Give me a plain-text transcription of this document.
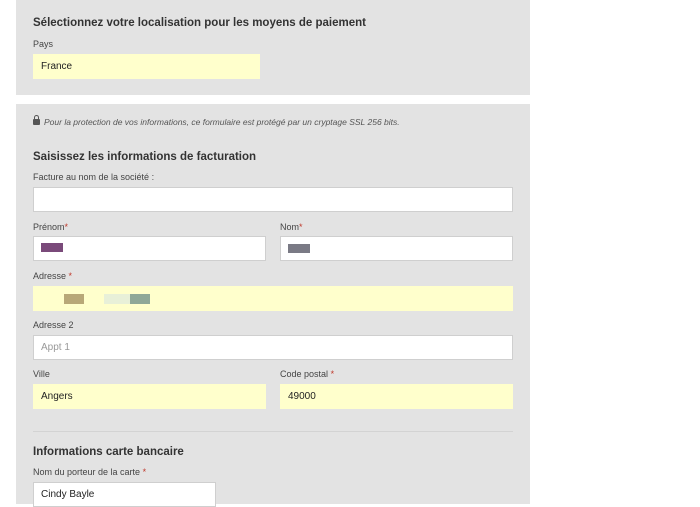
Sélectionnez votre localisation pour les moyens de paiement
Pays
France
Pour la protection de vos informations, ce formulaire est protégé par un cryptage SSL 256 bits.
Saisissez les informations de facturation
Facture au nom de la société :
Prénom*	Nom*
Adresse *
Adresse 2
Appt 1
Ville
Angers
Code postal *
49000
Informations carte bancaire
Nom du porteur de la carte *
Cindy Bayle
